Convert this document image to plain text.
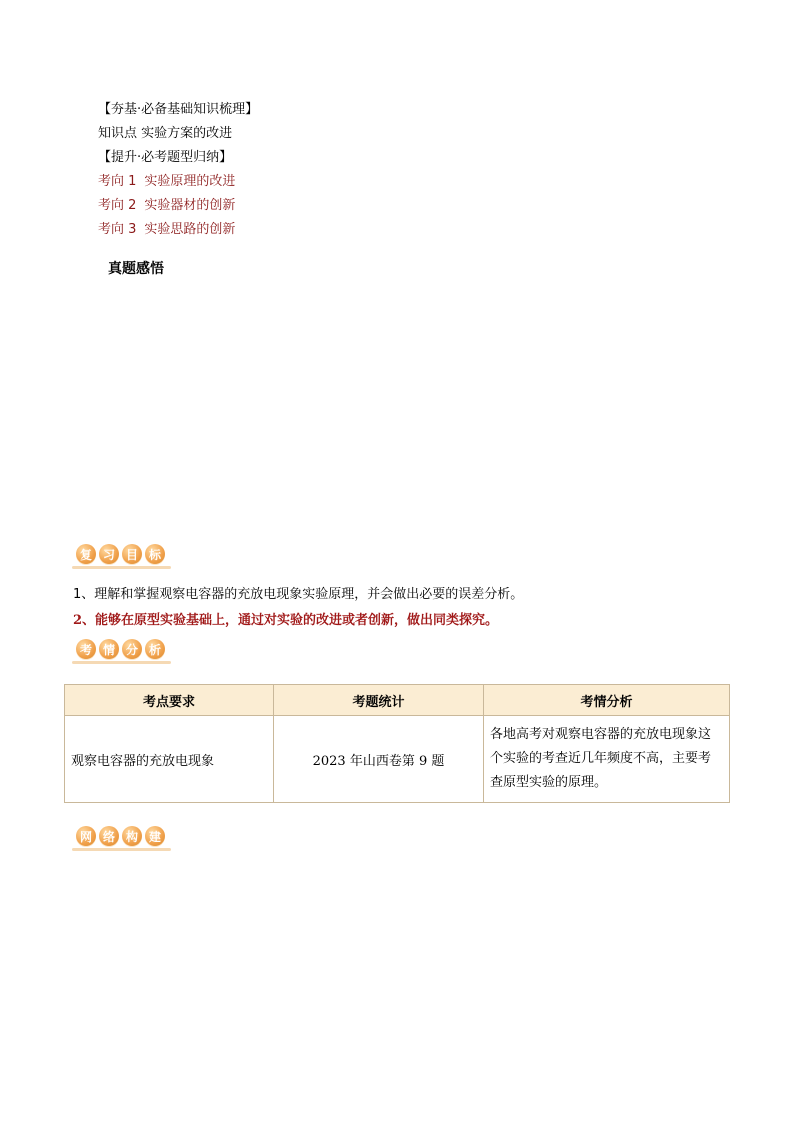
【夯基·必备基础知识梳理】
知识点 实验方案的改进
【提升·必考题型归纳】
考向 1 实验原理的改进
考向 2 实验器材的创新
考向 3 实验思路的创新
真题感悟
复 习 目 标
1、理解和掌握观察电容器的充放电现象实验原理，并会做出必要的误差分析。
2、能够在原型实验基础上，通过对实验的改进或者创新，做出同类探究。
考 情 分 析
考点要求	考题统计	考情分析
观察电容器的充放电现象	2023 年山西卷第 9 题	各地高考对观察电容器的充放电现象这个实验的考查近几年频度不高，主要考查原型实验的原理。
网 络 构 建
